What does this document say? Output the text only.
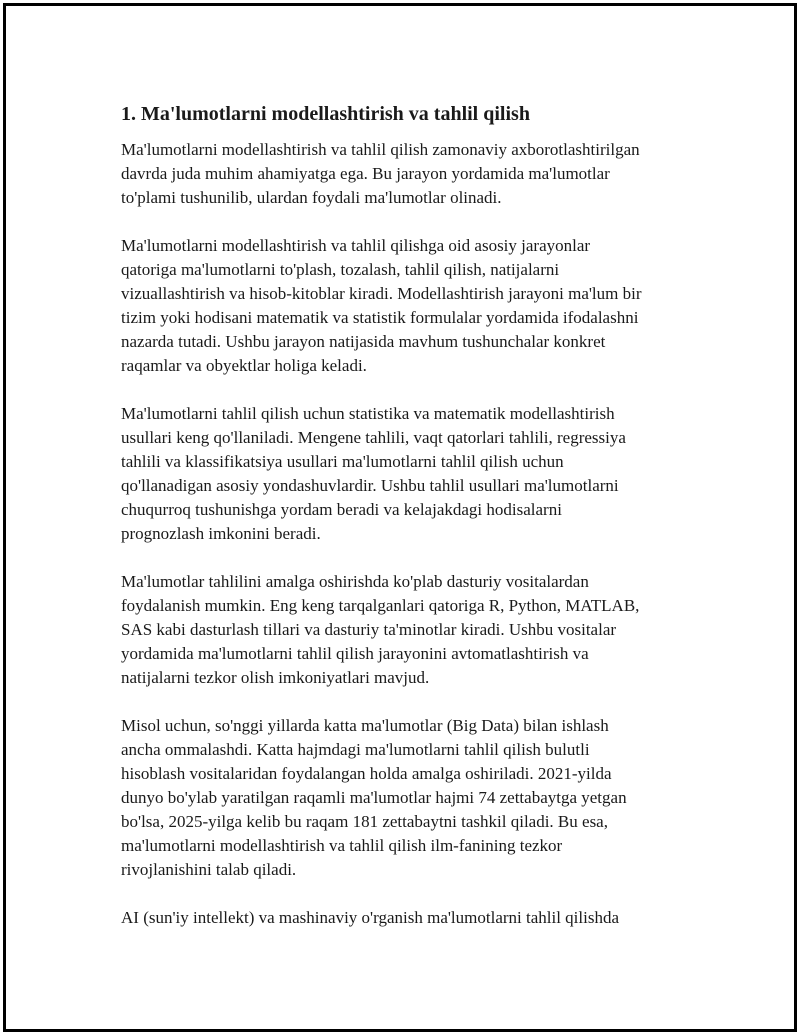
1. Ma'lumotlarni modellashtirish va tahlil qilish

Ma'lumotlarni modellashtirish va tahlil qilish zamonaviy axborotlashtirilgan
davrda juda muhim ahamiyatga ega. Bu jarayon yordamida ma'lumotlar
to'plami tushunilib, ulardan foydali ma'lumotlar olinadi.

Ma'lumotlarni modellashtirish va tahlil qilishga oid asosiy jarayonlar
qatoriga ma'lumotlarni to'plash, tozalash, tahlil qilish, natijalarni
vizuallashtirish va hisob-kitoblar kiradi. Modellashtirish jarayoni ma'lum bir
tizim yoki hodisani matematik va statistik formulalar yordamida ifodalashni
nazarda tutadi. Ushbu jarayon natijasida mavhum tushunchalar konkret
raqamlar va obyektlar holiga keladi.

Ma'lumotlarni tahlil qilish uchun statistika va matematik modellashtirish
usullari keng qo'llaniladi. Mengene tahlili, vaqt qatorlari tahlili, regressiya
tahlili va klassifikatsiya usullari ma'lumotlarni tahlil qilish uchun
qo'llanadigan asosiy yondashuvlardir. Ushbu tahlil usullari ma'lumotlarni
chuqurroq tushunishga yordam beradi va kelajakdagi hodisalarni
prognozlash imkonini beradi.

Ma'lumotlar tahlilini amalga oshirishda ko'plab dasturiy vositalardan
foydalanish mumkin. Eng keng tarqalganlari qatoriga R, Python, MATLAB,
SAS kabi dasturlash tillari va dasturiy ta'minotlar kiradi. Ushbu vositalar
yordamida ma'lumotlarni tahlil qilish jarayonini avtomatlashtirish va
natijalarni tezkor olish imkoniyatlari mavjud.

Misol uchun, so'nggi yillarda katta ma'lumotlar (Big Data) bilan ishlash
ancha ommalashdi. Katta hajmdagi ma'lumotlarni tahlil qilish bulutli
hisoblash vositalaridan foydalangan holda amalga oshiriladi. 2021-yilda
dunyo bo'ylab yaratilgan raqamli ma'lumotlar hajmi 74 zettabaytga yetgan
bo'lsa, 2025-yilga kelib bu raqam 181 zettabaytni tashkil qiladi. Bu esa,
ma'lumotlarni modellashtirish va tahlil qilish ilm-fanining tezkor
rivojlanishini talab qiladi.

AI (sun'iy intellekt) va mashinaviy o'rganish ma'lumotlarni tahlil qilishda
